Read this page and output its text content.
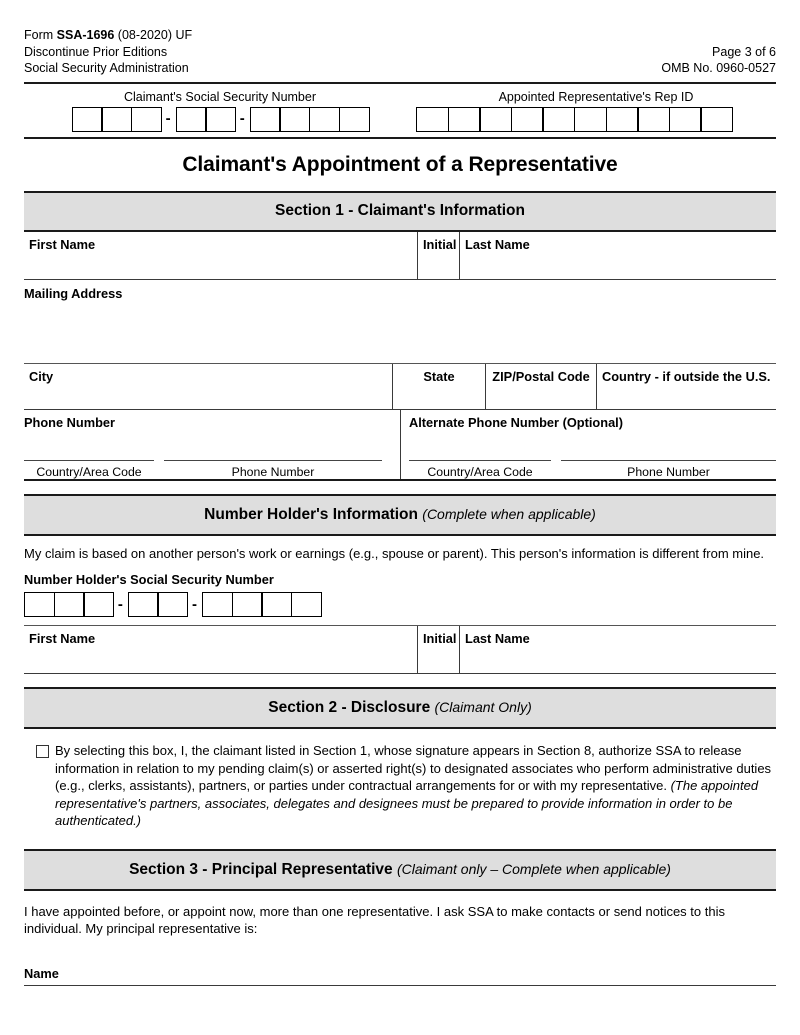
Form SSA-1696 (08-2020) UF
Discontinue Prior Editions
Social Security Administration
Page 3 of 6
OMB No. 0960-0527
Claimant's Social Security Number
-	-
Appointed Representative's Rep ID
Claimant's Appointment of a Representative
Section 1 - Claimant's Information
First Name	Initial Last Name
Mailing Address
City	State	ZIP/Postal Code Country - if outside the U.S.
Phone Number
Country/Area Code	Phone Number
Alternate Phone Number (Optional)
Country/Area Code	Phone Number
Number Holder's Information (Complete when applicable)
My claim is based on another person's work or earnings (e.g., spouse or parent). This person's information is different from mine.
Number Holder's Social Security Number
-	-
First Name	Initial Last Name
Section 2 - Disclosure (Claimant Only)
By selecting this box, I, the claimant listed in Section 1, whose signature appears in Section 8, authorize SSA to release information in relation to my pending claim(s) or asserted right(s) to designated associates who perform administrative duties (e.g., clerks, assistants), partners, or parties under contractual arrangements for or with my representative. (The appointed representative's partners, associates, delegates and designees must be prepared to provide information in order to be authenticated.)
Section 3 - Principal Representative (Claimant only – Complete when applicable)
I have appointed before, or appoint now, more than one representative. I ask SSA to make contacts or send notices to this individual. My principal representative is:
Name
